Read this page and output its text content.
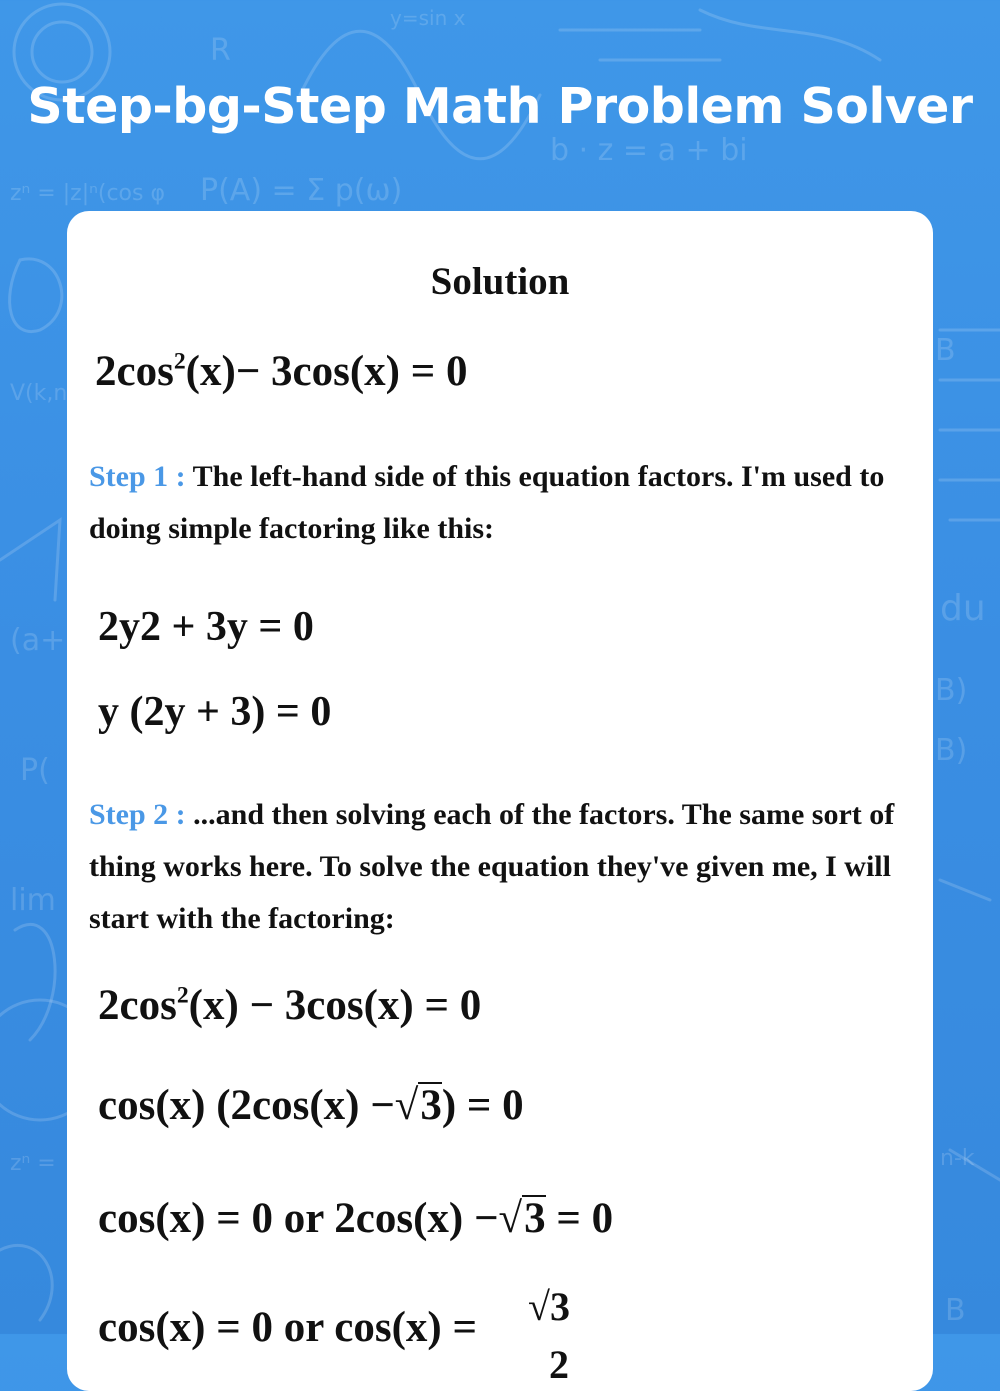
R
y=sin x
P(A) = Σ p(ω)
b · z = a + bi
zⁿ = |z|ⁿ(cos φ
V(k,n)
B
du
B)
B)
(a+b)
P(
lim
zⁿ =	n-k
B
Step-bg-Step Math Problem Solver
Solution
$2\cos^2(x)- 3\cos(x) = 0$
Step 1 : The left-hand side of this equation factors. I'm used to doing simple factoring like this:
2y2 + 3y = 0
y (2y + 3) = 0
Step 2 : ...and then solving each of the factors. The same sort of thing works here. To solve the equation they've given me, I will start with the factoring:
$2\cos^2(x) - 3\cos(x) = 0$
cos(x) (2cos(x) −√3) = 0
cos(x) = 0 or 2cos(x) −√3 = 0
cos(x) = 0 or cos(x) = √3
2
